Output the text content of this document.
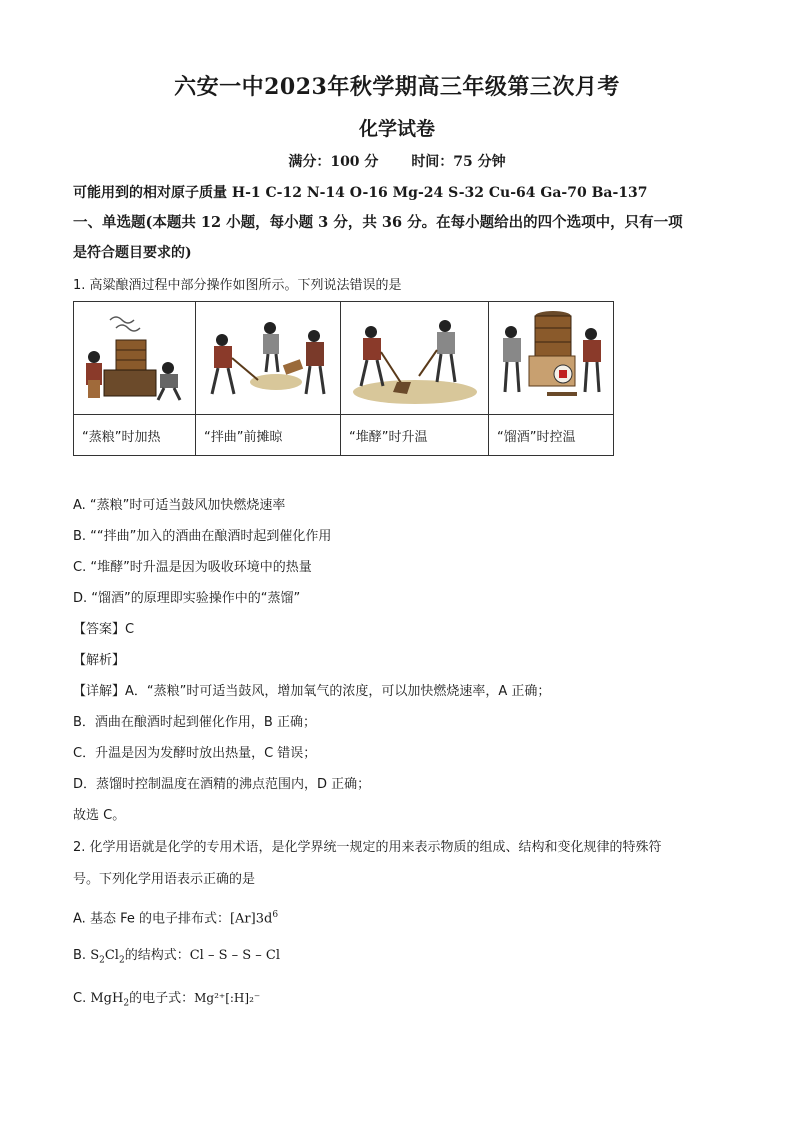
六安一中2023年秋学期高三年级第三次月考
化学试卷
满分：100 分 时间：75 分钟
可能用到的相对原子质量 H-1 C-12 N-14 O-16 Mg-24 S-32 Cu-64 Ga-70 Ba-137
一、单选题(本题共 12 小题，每小题 3 分，共 36 分。在每小题给出的四个选项中，只有一项
是符合题目要求的)
1. 高粱酿酒过程中部分操作如图所示。下列说法错误的是

“蒸粮”时加热	“拌曲”前摊晾	“堆酵”时升温	“馏酒”时控温
A. “蒸粮”时可适当鼓风加快燃烧速率
B. ““拌曲”加入的酒曲在酿酒时起到催化作用
C. “堆酵”时升温是因为吸收环境中的热量
D. “馏酒”的原理即实验操作中的“蒸馏”
【答案】C
【解析】
【详解】A．“蒸粮”时可适当鼓风，增加氧气的浓度，可以加快燃烧速率，A 正确；
B．酒曲在酿酒时起到催化作用，B 正确；
C．升温是因为发酵时放出热量，C 错误；
D．蒸馏时控制温度在酒精的沸点范围内，D 正确；
故选 C。
2. 化学用语就是化学的专用术语，是化学界统一规定的用来表示物质的组成、结构和变化规律的特殊符
号。下列化学用语表示正确的是
A. 基态 Fe 的电子排布式：$[Ar]3d^6$
B. $S_2Cl_2$的结构式：Cl – S – S – Cl
C. MgH$_2$的电子式：Mg²⁺[:H]₂⁻
